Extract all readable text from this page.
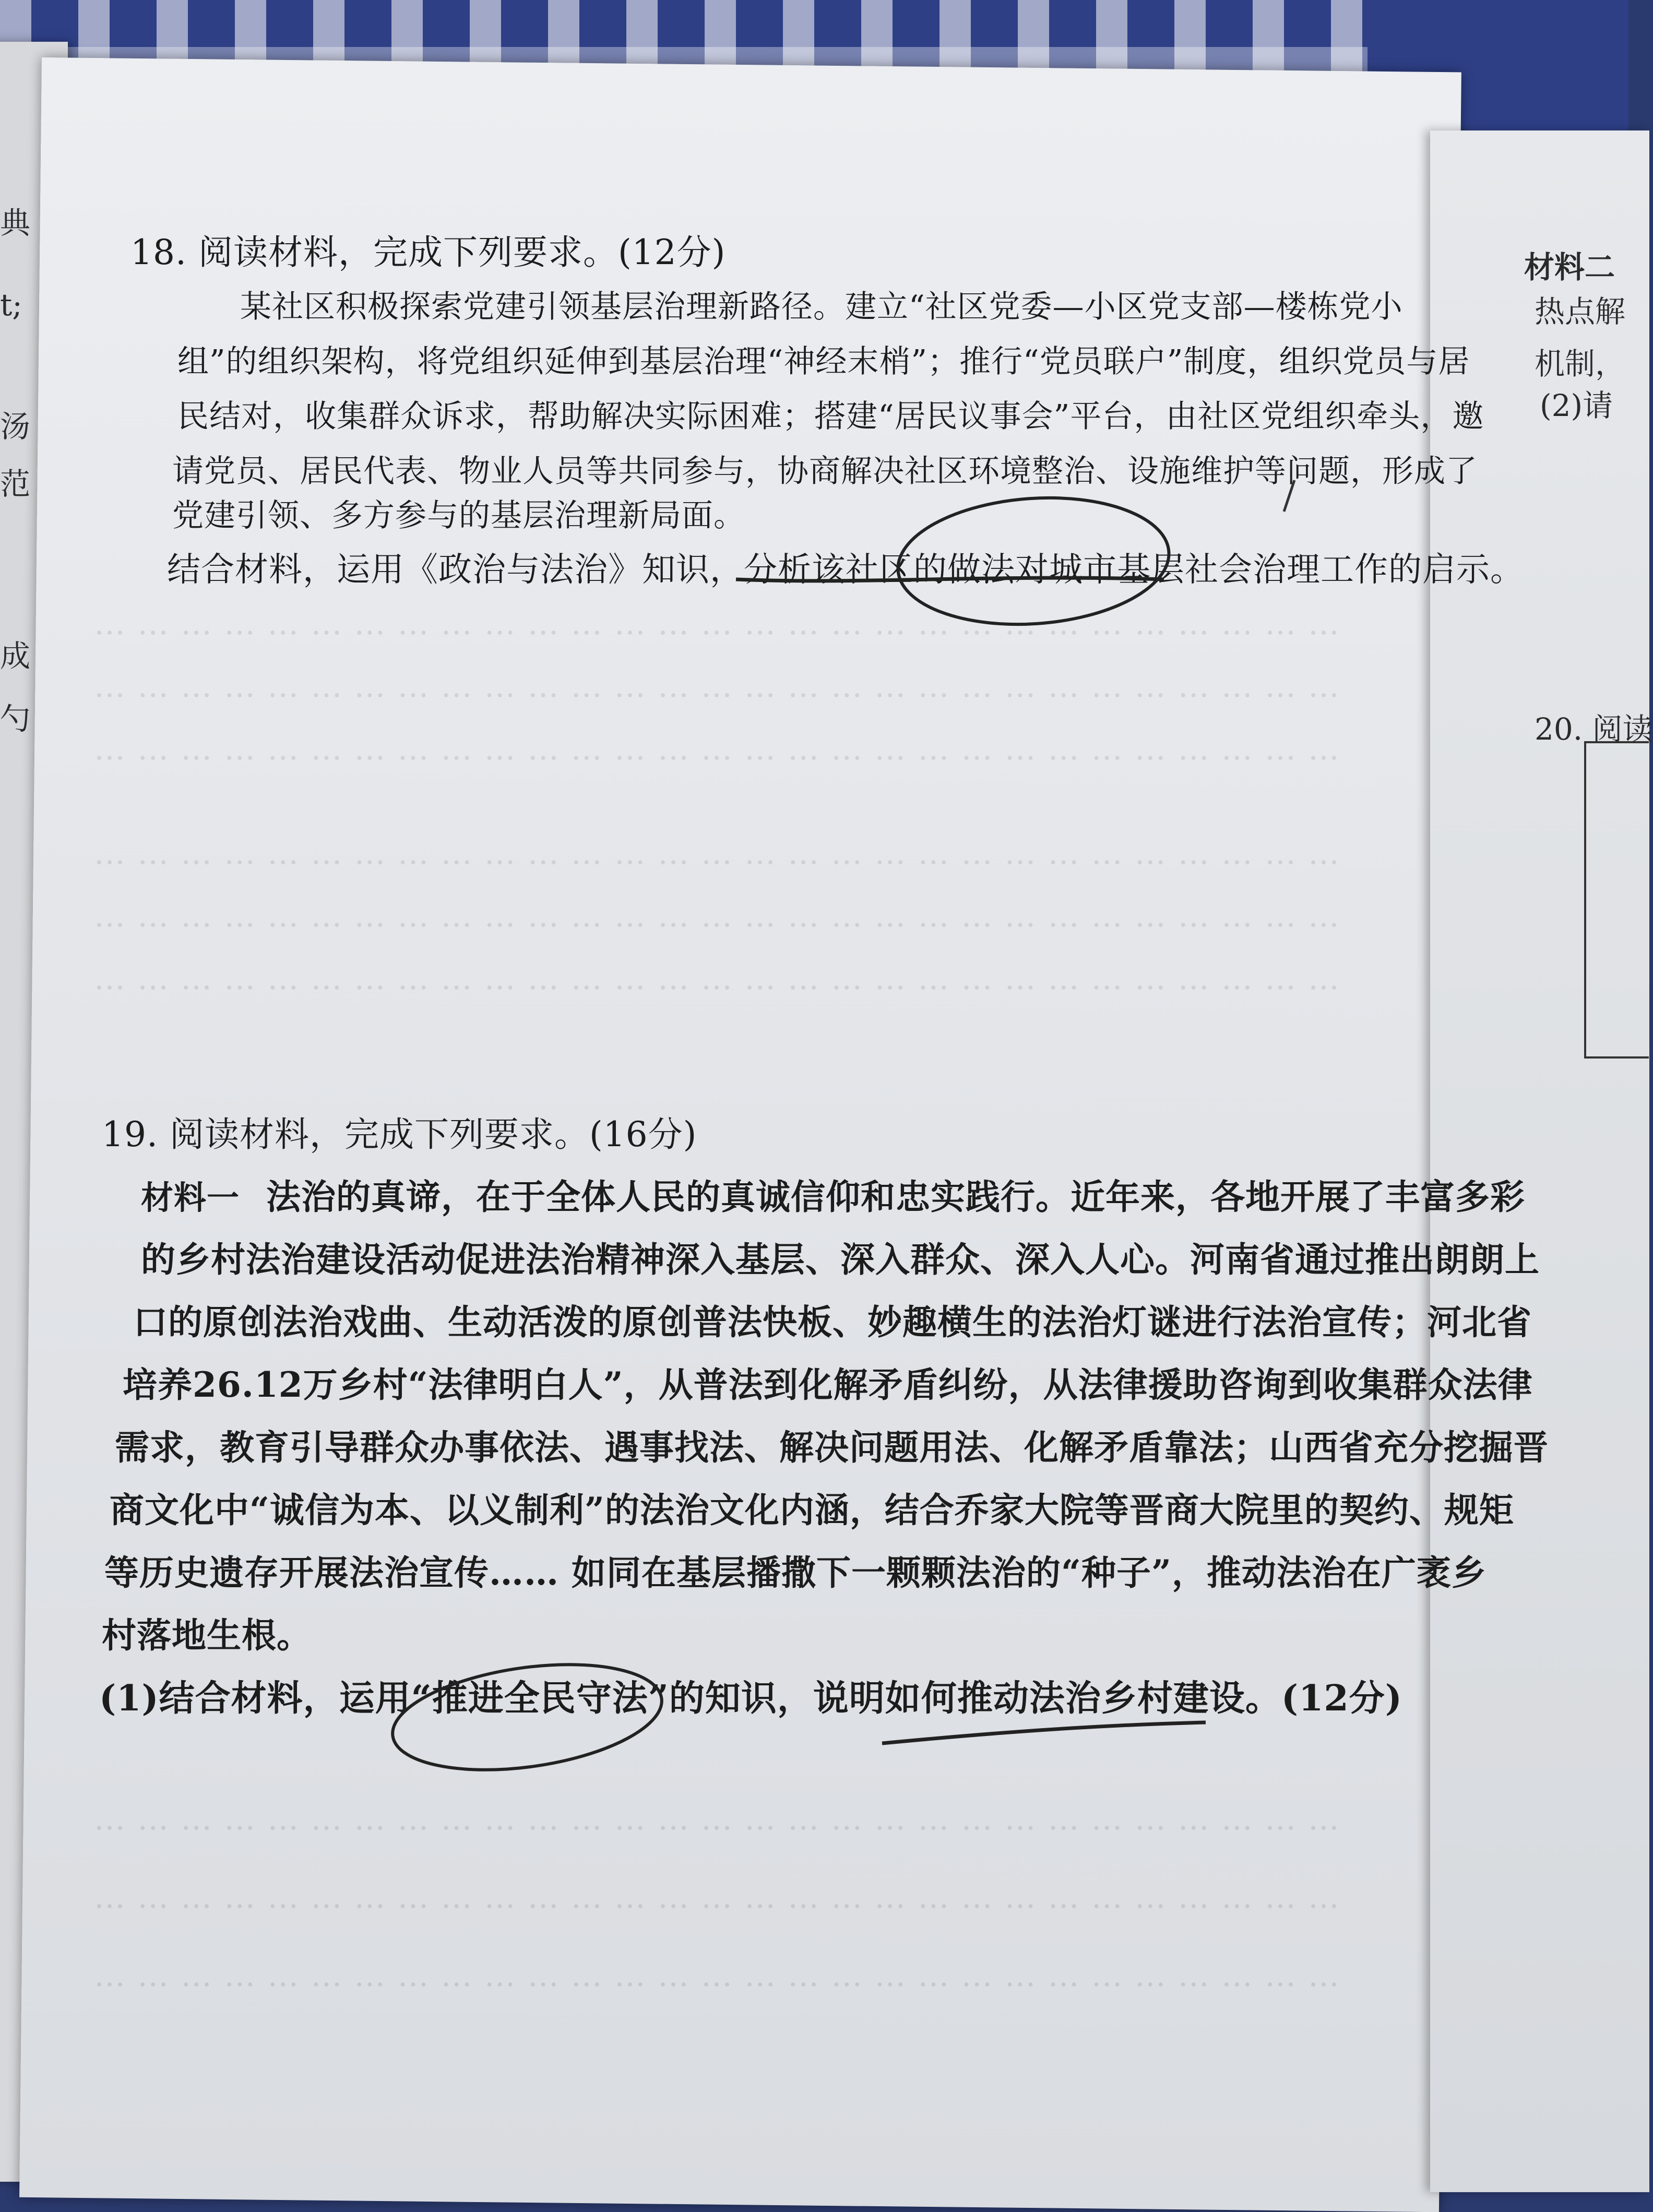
典
t;
汤
范
成
勺
… … … … … … … … … … … … … … … … … … … … … … … … … … … … …
… … … … … … … … … … … … … … … … … … … … … … … … … … … … …
… … … … … … … … … … … … … … … … … … … … … … … … … … … … …
… … … … … … … … … … … … … … … … … … … … … … … … … … … … …
… … … … … … … … … … … … … … … … … … … … … … … … … … … … …
… … … … … … … … … … … … … … … … … … … … … … … … … … … … …
… … … … … … … … … … … … … … … … … … … … … … … … … … … … …
… … … … … … … … … … … … … … … … … … … … … … … … … … … … …
… … … … … … … … … … … … … … … … … … … … … … … … … … … … …
材料二
热点解
机制，
(2)请
20. 阅读
18. 阅读材料，完成下列要求。(12分)
某社区积极探索党建引领基层治理新路径。建立“社区党委—小区党支部—楼栋党小
组”的组织架构，将党组织延伸到基层治理“神经末梢”；推行“党员联户”制度，组织党员与居
民结对，收集群众诉求，帮助解决实际困难；搭建“居民议事会”平台，由社区党组织牵头，邀
请党员、居民代表、物业人员等共同参与，协商解决社区环境整治、设施维护等问题，形成了
党建引领、多方参与的基层治理新局面。
结合材料，运用《政治与法治》知识，分析该社区的做法对城市基层社会治理工作的启示。
19. 阅读材料，完成下列要求。(16分)
材料一 法治的真谛，在于全体人民的真诚信仰和忠实践行。近年来，各地开展了丰富多彩
的乡村法治建设活动促进法治精神深入基层、深入群众、深入人心。河南省通过推出朗朗上
口的原创法治戏曲、生动活泼的原创普法快板、妙趣横生的法治灯谜进行法治宣传；河北省
培养26.12万乡村“法律明白人”，从普法到化解矛盾纠纷，从法律援助咨询到收集群众法律
需求，教育引导群众办事依法、遇事找法、解决问题用法、化解矛盾靠法；山西省充分挖掘晋
商文化中“诚信为本、以义制利”的法治文化内涵，结合乔家大院等晋商大院里的契约、规矩
等历史遗存开展法治宣传…… 如同在基层播撒下一颗颗法治的“种子”，推动法治在广袤乡
村落地生根。
(1)结合材料，运用“推进全民守法”的知识，说明如何推动法治乡村建设。(12分)
